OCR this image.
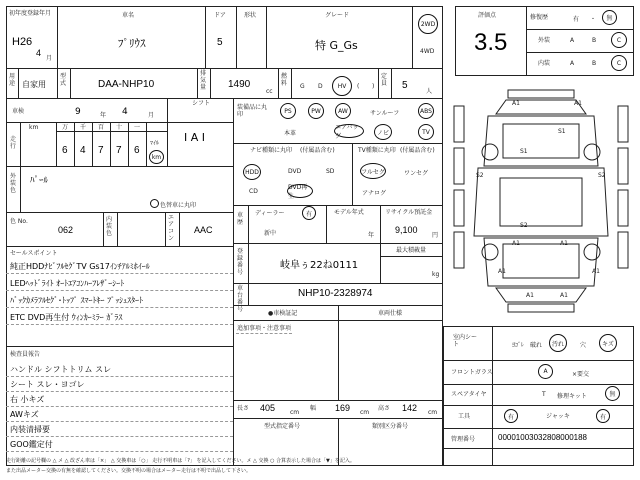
初年度登録年月
H26
4
月
車名
ﾌﾟﾘｳｽ
ドア
5
形状	グレード
特 G_Gs
2WD
4WD
用途 自家用
型式	DAA-NHP10
排気量 1490
cc
燃料 G D	HV ( )
定員 5
人
車検	9	年 4	月
シフト
I A I
走行
km	万 千 百 十 一
6 4 7 7 6
ﾏｲﾙ
km
外装色
ﾊﾟｰﾙ
色替車に丸印
色 No.
062
内装色
エアコン
AAC
セールスポイント
純正HDDﾅﾋﾞﾌﾙｾｸﾞTV Gs17ｲﾝﾁｱﾙﾐﾎｲｰﾙ
LEDﾍｯﾄﾞﾗｲﾄ ｵｰﾄｴｱｺﾝﾊｰﾌﾚｻﾞｰｼｰﾄ
ﾊﾞｯｸｶﾒﾗﾌﾙｾｸﾞ･ﾄｯﾌﾟ ｽﾏｰﾄｷｰ ﾌﾟｯｼｭｽﾀｰﾄ
ETC DVD再生付 ｳｨﾝｶｰﾐﾗｰ ｶﾞﾗｽ
検査員報告
ハンドル シフトトリム スレ
シート スレ・ヨゴレ
右 小キズ
AWキズ
内装清掃要
GOO鑑定付
装備品に丸印	PS	PW	AW	サンルーフ	ABS
本革
エアバッグ	ノビ	TV
ナビ種類に丸印 (付属品含む)
HDD	DVD	SD
CD
DVD再生
TV種類に丸印 (付属品含む)
フルセグ	ワンセグ
アナログ
車歴
ディーラー	有
新中
モデル年式
年
リサイクル預託金
9,100
円
登録番号
岐阜ぅ22ね0111
最大積載量
kg
車台番号
NHP10-2328974
●車検証記	車両仕様
追加事項・注意事項
長さ 405 cm
幅 169 cm
高さ 142 cm
型式指定番号	類別区分番号
評価点
3.5
修復歴	有 ・ 無
外装	A	B	C
内装	A	B	C
A1	A1
S1
S1
S2	S2
S2
A1	A1
A1	A1
A1	A1
室内シート	ﾖｺﾞﾚ 破れ 汚れ	穴	キズ
フロントガラス	A	×要交
スペアタイヤ	T 修理キット	無
工具	有	ジャッキ	有
管理番号	00001003032808000188
走行距離の記号欄の △ メ △ 改ざん車は「×」 △ 交換車は「○」 走行不明車は「?」 を記入してください。メ △ 交換 ○ 合算表示した場合は「▼」を記入。
また出品メーター交換の有無を確認してください。交換不明の場合はメーター走行は不明で出品して下さい。
